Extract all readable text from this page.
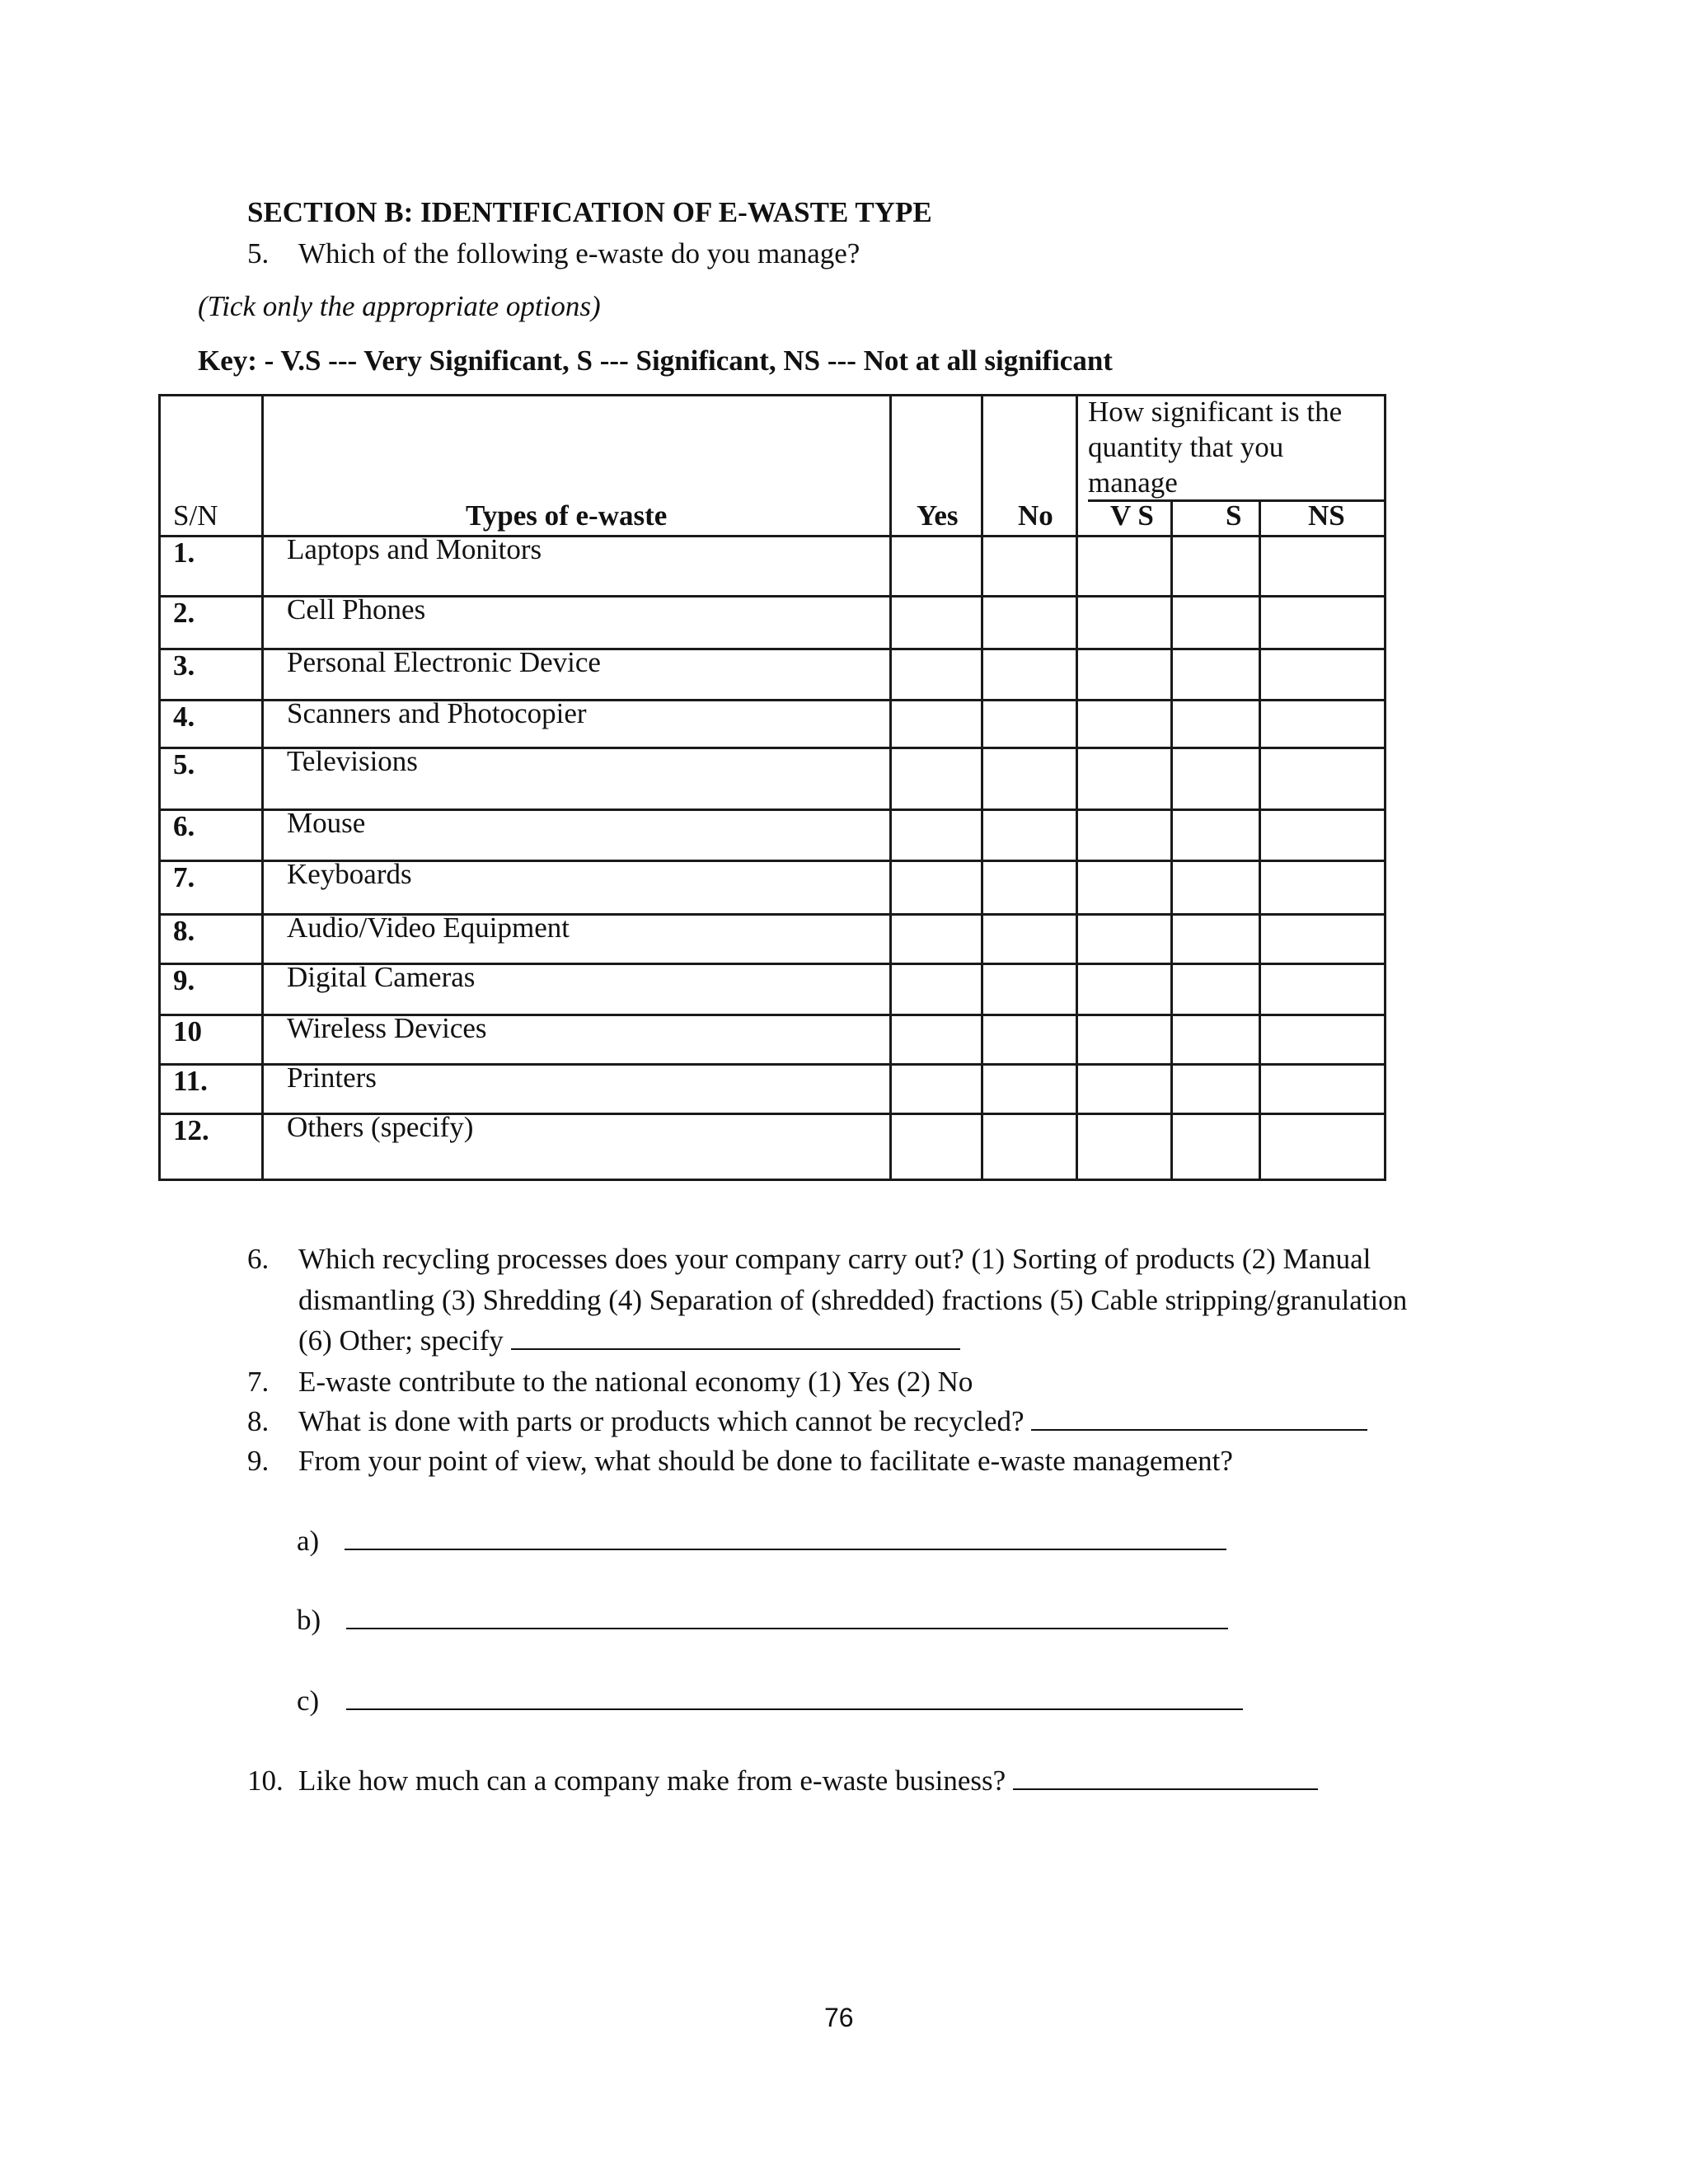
SECTION B: IDENTIFICATION OF E-WASTE TYPE
5. Which of the following e-waste do you manage?
(Tick only the appropriate options)
Key: - V.S --- Very Significant, S --- Significant, NS --- Not at all significant
S/N	Types of e-waste	Yes No
How significant is the quantity that you manage
V S S NS
1.	Laptops and Monitors
2.	Cell Phones
3.	Personal Electronic Device
4.	Scanners and Photocopier
5.	Televisions
6.	Mouse
7.	Keyboards
8.	Audio/Video Equipment
9.	Digital Cameras
10	Wireless Devices
11.	Printers
12.	Others (specify)
6. Which recycling processes does your company carry out? (1) Sorting of products (2) Manual
dismantling (3) Shredding (4) Separation of (shredded) fractions (5) Cable stripping/granulation
(6) Other; specify
7. E-waste contribute to the national economy (1) Yes (2) No
8. What is done with parts or products which cannot be recycled?
9. From your point of view, what should be done to facilitate e-waste management?
a)
b)
c)
10. Like how much can a company make from e-waste business?
76
